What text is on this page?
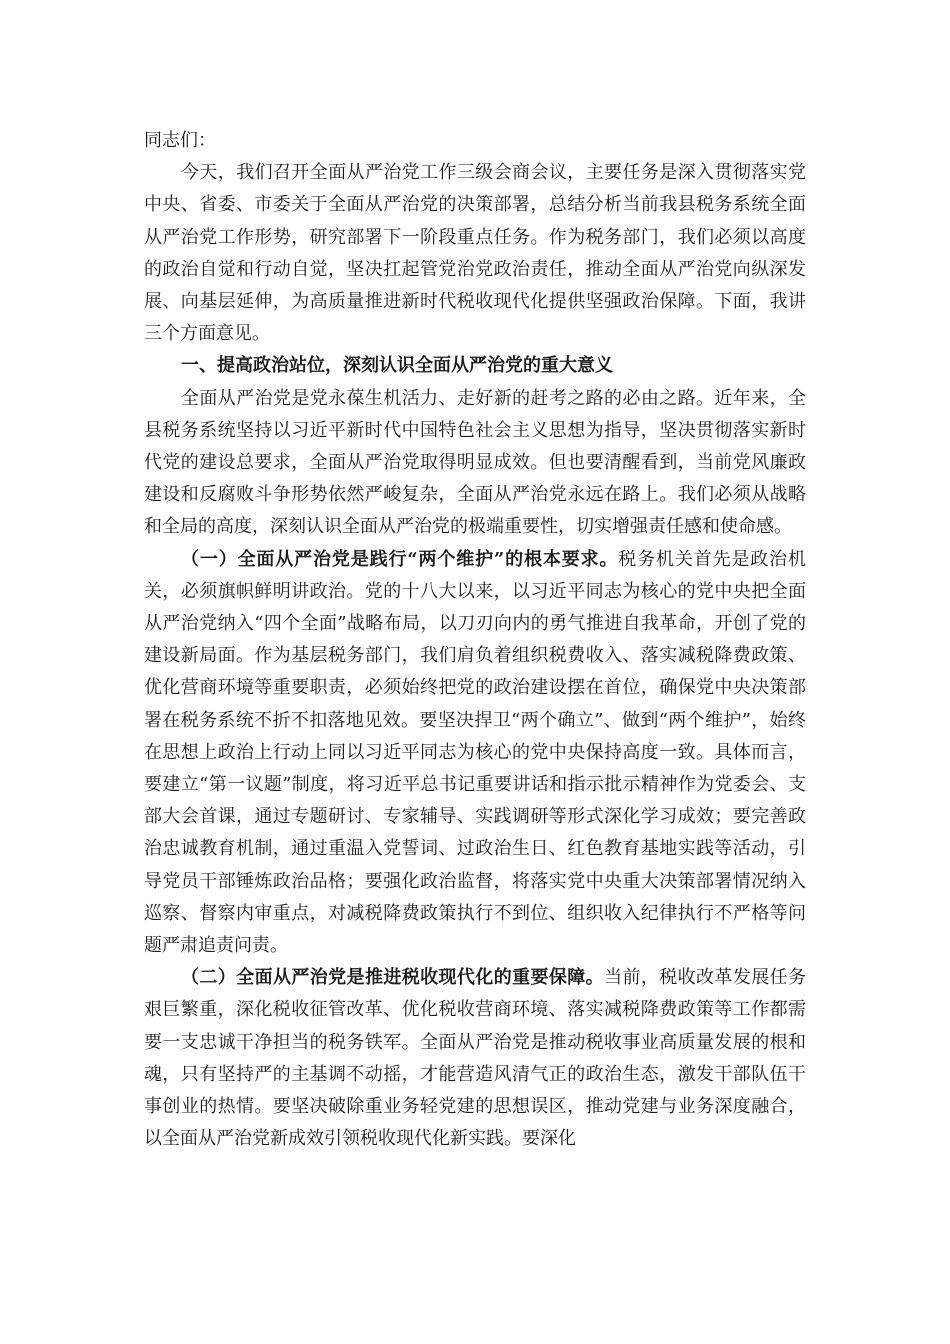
同志们：

今天，我们召开全面从严治党工作三级会商会议，主要任务是深入贯彻落实党中央、省委、市委关于全面从严治党的决策部署，总结分析当前我县税务系统全面从严治党工作形势，研究部署下一阶段重点任务。作为税务部门，我们必须以高度的政治自觉和行动自觉，坚决扛起管党治党政治责任，推动全面从严治党向纵深发展、向基层延伸，为高质量推进新时代税收现代化提供坚强政治保障。下面，我讲三个方面意见。

一、提高政治站位，深刻认识全面从严治党的重大意义

全面从严治党是党永葆生机活力、走好新的赶考之路的必由之路。近年来，全县税务系统坚持以习近平新时代中国特色社会主义思想为指导，坚决贯彻落实新时代党的建设总要求，全面从严治党取得明显成效。但也要清醒看到，当前党风廉政建设和反腐败斗争形势依然严峻复杂，全面从严治党永远在路上。我们必须从战略和全局的高度，深刻认识全面从严治党的极端重要性，切实增强责任感和使命感。

（一）全面从严治党是践行“两个维护”的根本要求。税务机关首先是政治机关，必须旗帜鲜明讲政治。党的十八大以来，以习近平同志为核心的党中央把全面从严治党纳入“四个全面”战略布局，以刀刃向内的勇气推进自我革命，开创了党的建设新局面。作为基层税务部门，我们肩负着组织税费收入、落实减税降费政策、优化营商环境等重要职责，必须始终把党的政治建设摆在首位，确保党中央决策部署在税务系统不折不扣落地见效。要坚决捍卫“两个确立”、做到“两个维护”，始终在思想上政治上行动上同以习近平同志为核心的党中央保持高度一致。具体而言，要建立“第一议题”制度，将习近平总书记重要讲话和指示批示精神作为党委会、支部大会首课，通过专题研讨、专家辅导、实践调研等形式深化学习成效；要完善政治忠诚教育机制，通过重温入党誓词、过政治生日、红色教育基地实践等活动，引导党员干部锤炼政治品格；要强化政治监督，将落实党中央重大决策部署情况纳入巡察、督察内审重点，对减税降费政策执行不到位、组织收入纪律执行不严格等问题严肃追责问责。

（二）全面从严治党是推进税收现代化的重要保障。当前，税收改革发展任务艰巨繁重，深化税收征管改革、优化税收营商环境、落实减税降费政策等工作都需要一支忠诚干净担当的税务铁军。全面从严治党是推动税收事业高质量发展的根和魂，只有坚持严的主基调不动摇，才能营造风清气正的政治生态，激发干部队伍干事创业的热情。要坚决破除重业务轻党建的思想误区，推动党建与业务深度融合，以全面从严治党新成效引领税收现代化新实践。要深化
